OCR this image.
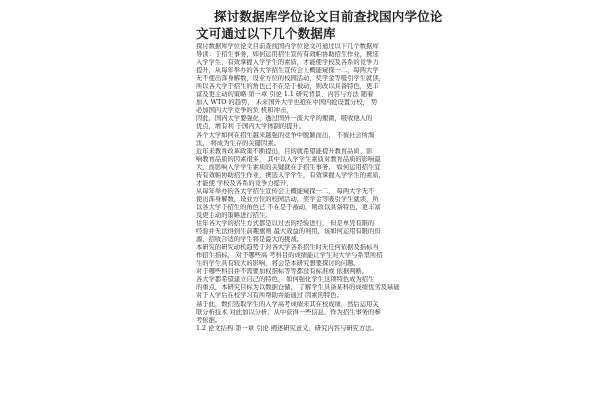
探讨数据库学位论文目前查找国内学位论
文可通过以下几个数据库
探讨数据库学位论文目前查找国内学位论文可通过以下几个数据库
导读：于招生事务，如何运用招生宣传有效帕协助招生作业，携选
入学学生，有效掌握入学学生的素质，才能使学校及各系的竞争力
提升，从每年举办的各大学招生宣传会上概能窥探一二，每两大学
无不使出浑身解数，设业方位的校园活动，奖学金等吸引学生就读，
所以各大学于招生的角色已不在是于被动，则改以具备特色，更丰
富及更主动的策略 第一章 引论 1.1 研究背景、内容与方法 随着
加入 WTO 的趋势， 未来国外大学也抢在中国内抢设置分校， 势
必加国内大学竞争的负 机和冲击，
因此，国内大学要强化，透过国外一流大学的搬微，吸收他人的
优点，增有利 于国内大学体制的提升。
各个大学如何在招生越来越强的竞争中脱颖而出， 不彼社会所淘
汰， 将成为生存的关键因素。
近年来教育改革政策不断提出，目的就希望能提升教育品质、影
响教育品质的因素很多， 其中以入学学生素质对教育品质的影响最
大，而影响入学学生素质的关键就在于招生事务， 如何运用招生宣
传有效帕协助招生作业，携选入学学生，有效掌握入学学生的素质，
才能使 学校及各系的竞争力提升，
从每年举办的各大学招生宣传会上概能窥探一二， 每两大学无不
使出浑身解数，设业方位的校园活动，奖学金等吸引学生就读，所
以各大学于招生的角色已 不在是于被动，则改以具备特色，更丰富
及更主动的策略进行招生。
往年各大学的招生方式都是以过去的经验进行， 但是单凭有限的
经验并无法得到生前趣旗则 最大效益的利用，该如何运用有限的资
源，招收合适的学生将是最大的挑战。
本研究的研究动机趋势于对各大学各系招生时无任何依据及指标当
作招生指标， 对于哪些高 考科目的成绩能让学生对大学与系里所招
生的学生具有较大的影响，将会是本研究想要探讨的问题。
对于哪些科目并不需要加权指标等等都没有标准或 依据判断。
各大学都希望建立自己的特色， 如何强化学生这项特色成为招生
的重点，本研究目标为以数据仓储， 了解学生具备某科的成绩优劣及基础
对于入学后在校学习有所帮助并能通过 因素的特色。
基于此，数们选取学生的入学高考成绩来其在校成绩，然后运用关
联分析技术 对此加以分析，从中获得一些信息，作为招生事务的参
考依据。
1.2 论文结构 第一章 引论 阐述研究意义、研究内容与研究方法。
